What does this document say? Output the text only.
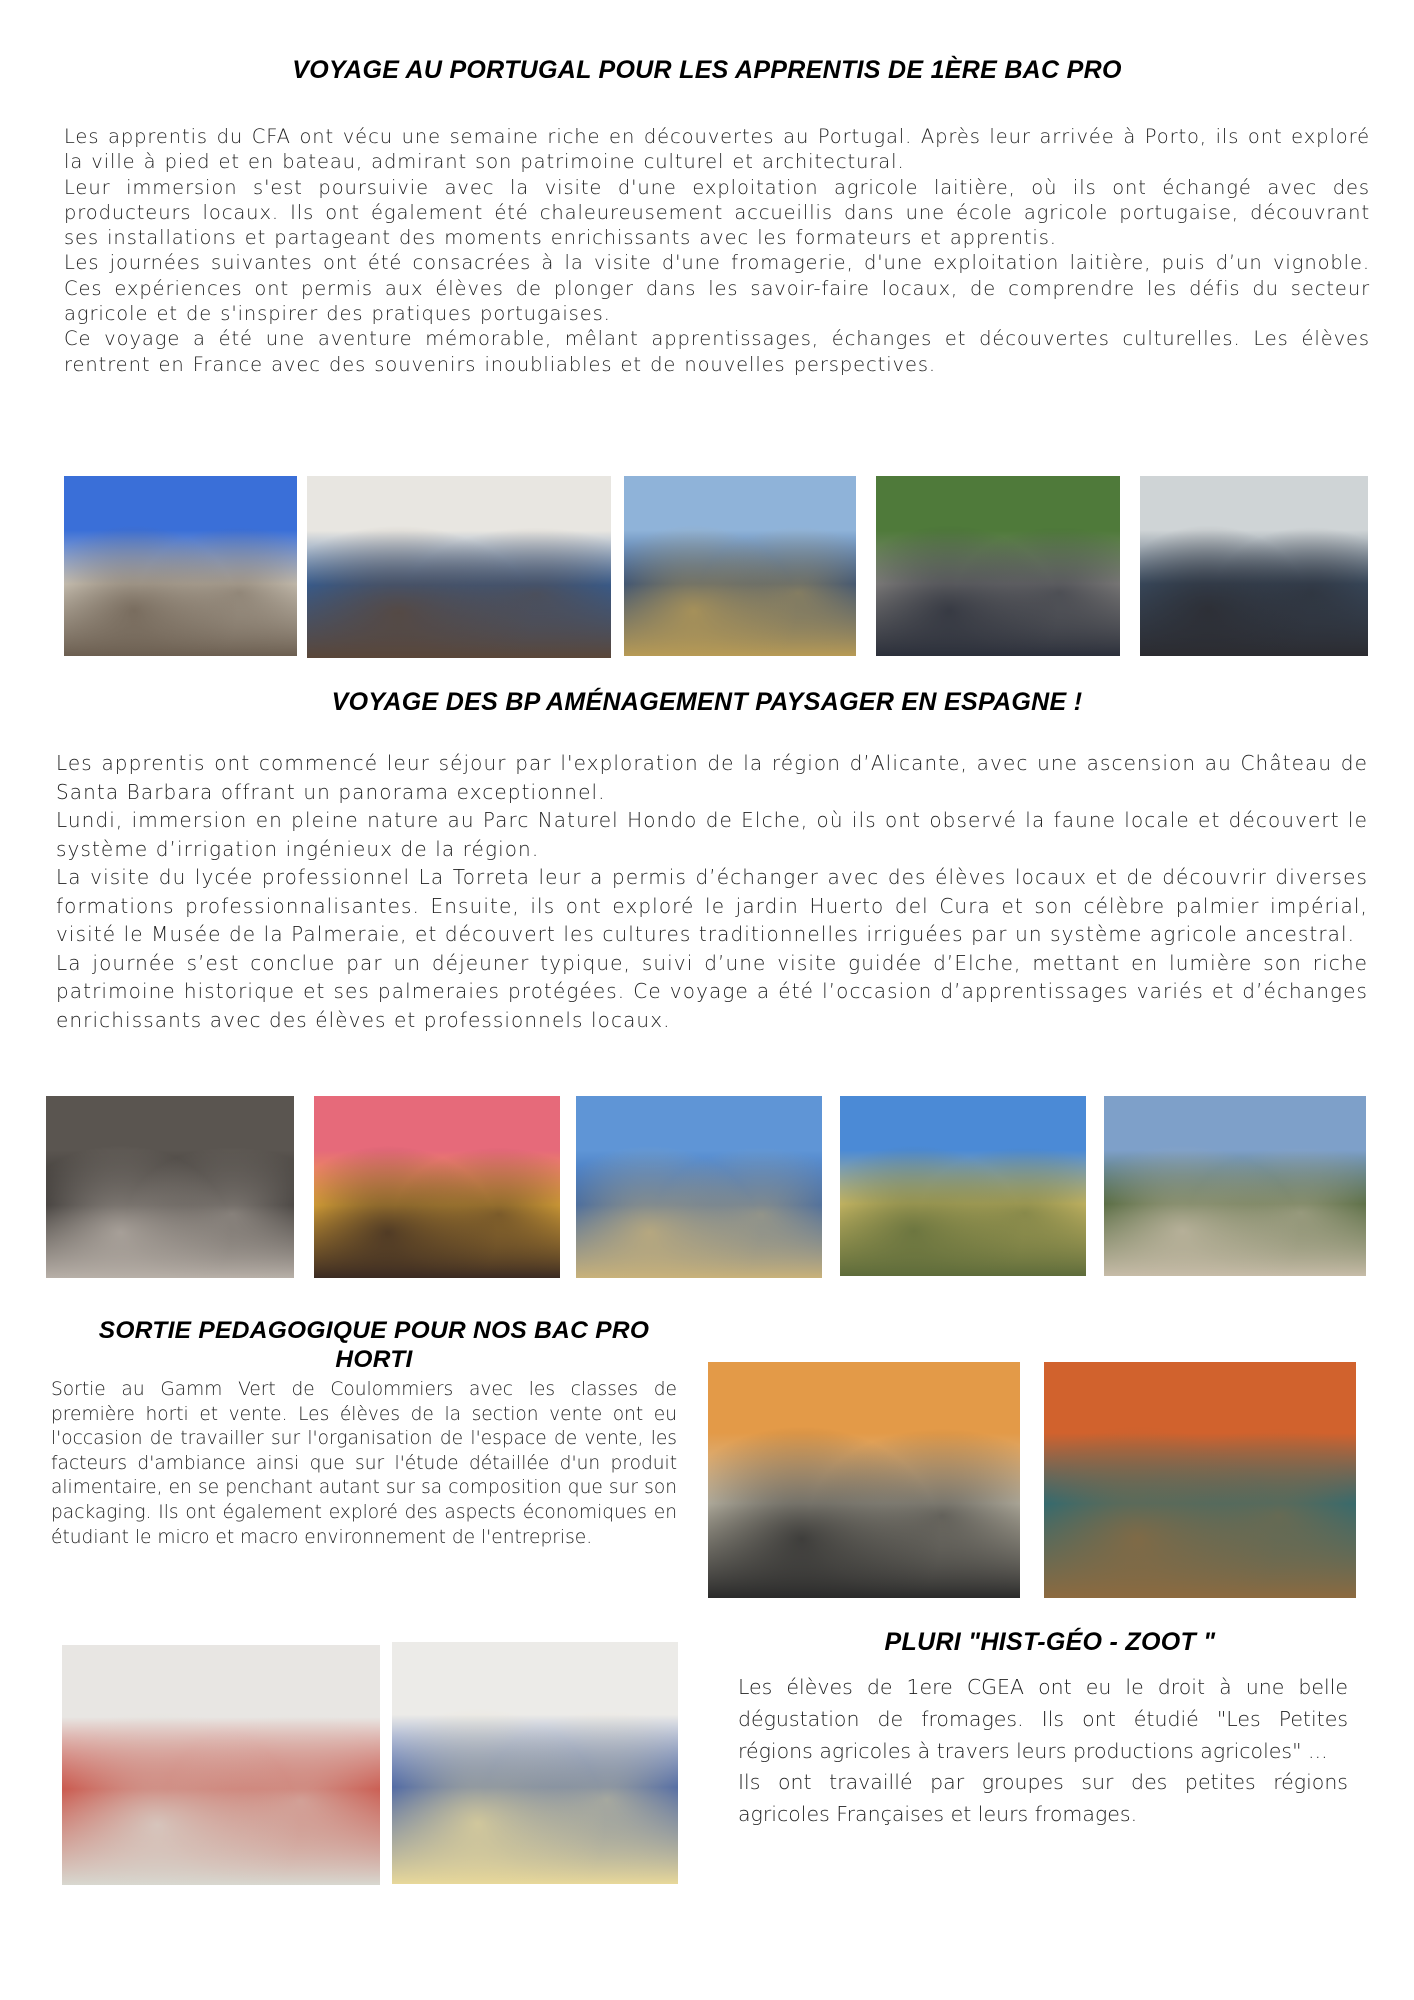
VOYAGE AU PORTUGAL POUR LES APPRENTIS DE 1ÈRE BAC PRO

Les apprentis du CFA ont vécu une semaine riche en découvertes au Portugal. Après leur arrivée à Porto, ils ont exploré la ville à pied et en bateau, admirant son patrimoine culturel et architectural.

Leur immersion s'est poursuivie avec la visite d'une exploitation agricole laitière, où ils ont échangé avec des producteurs locaux. Ils ont également été chaleureusement accueillis dans une école agricole portugaise, découvrant ses installations et partageant des moments enrichissants avec les formateurs et apprentis.

Les journées suivantes ont été consacrées à la visite d'une fromagerie, d'une exploitation laitière, puis d’un vignoble. Ces expériences ont permis aux élèves de plonger dans les savoir-faire locaux, de comprendre les défis du secteur agricole et de s'inspirer des pratiques portugaises.

Ce voyage a été une aventure mémorable, mêlant apprentissages, échanges et découvertes culturelles. Les élèves rentrent en France avec des souvenirs inoubliables et de nouvelles perspectives.

VOYAGE DES BP AMÉNAGEMENT PAYSAGER EN ESPAGNE !

Les apprentis ont commencé leur séjour par l'exploration de la région d’Alicante, avec une ascension au Château de Santa Barbara offrant un panorama exceptionnel.

Lundi, immersion en pleine nature au Parc Naturel Hondo de Elche, où ils ont observé la faune locale et découvert le système d’irrigation ingénieux de la région.

La visite du lycée professionnel La Torreta leur a permis d’échanger avec des élèves locaux et de découvrir diverses formations professionnalisantes. Ensuite, ils ont exploré le jardin Huerto del Cura et son célèbre palmier impérial, visité le Musée de la Palmeraie, et découvert les cultures traditionnelles irriguées par un système agricole ancestral.

La journée s’est conclue par un déjeuner typique, suivi d’une visite guidée d’Elche, mettant en lumière son riche patrimoine historique et ses palmeraies protégées. Ce voyage a été l’occasion d’apprentissages variés et d’échanges enrichissants avec des élèves et professionnels locaux.

SORTIE PEDAGOGIQUE POUR NOS BAC PRO
HORTI

Sortie au Gamm Vert de Coulommiers avec les classes de première horti et vente. Les élèves de la section vente ont eu l'occasion de travailler sur l'organisation de l'espace de vente, les facteurs d'ambiance ainsi que sur l'étude détaillée d'un produit alimentaire, en se penchant autant sur sa composition que sur son packaging. Ils ont également exploré des aspects économiques en étudiant le micro et macro environnement de l'entreprise.

PLURI "HIST-GÉO - ZOOT "

Les élèves de 1ere CGEA ont eu le droit à une belle dégustation de fromages. Ils ont étudié "Les Petites régions agricoles à travers leurs productions agricoles" ...

Ils ont travaillé par groupes sur des petites régions agricoles Françaises et leurs fromages.
